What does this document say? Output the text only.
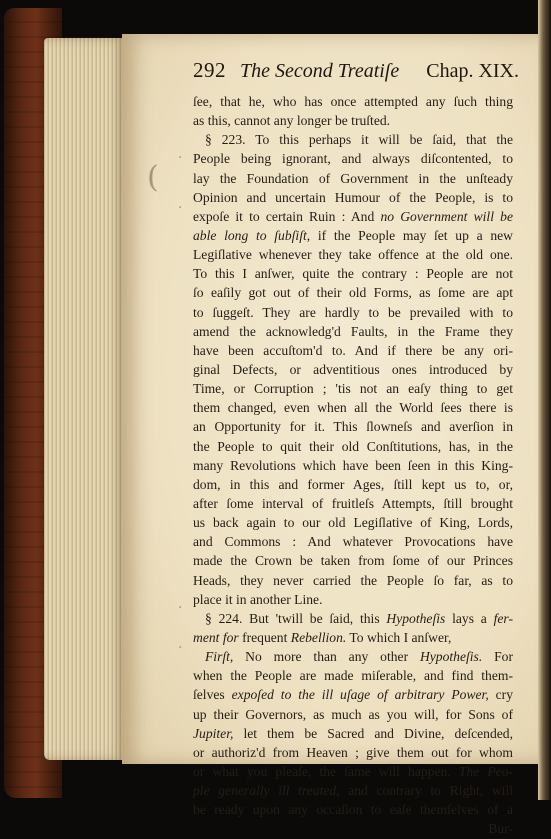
(
·
·
·
·
292 The Second Treatiſe	Chap. XIX.
ſee, that he, who has once attempted any ſuch thing
as this, cannot any longer be truſted.
§ 223. To this perhaps it will be ſaid, that the
People being ignorant, and always diſcontented, to
lay the Foundation of Government in the unſteady
Opinion and uncertain Humour of the People, is to
expoſe it to certain Ruin : And no Government will be
able long to ſubſiſt, if the People may ſet up a new
Legiſlative whenever they take offence at the old one.
To this I anſwer, quite the contrary : People are not
ſo eaſily got out of their old Forms, as ſome are apt
to ſuggeſt. They are hardly to be prevailed with to
amend the acknowledg'd Faults, in the Frame they
have been accuſtom'd to. And if there be any ori-
ginal Defects, or adventitious ones introduced by
Time, or Corruption ; 'tis not an eaſy thing to get
them changed, even when all the World ſees there is
an Opportunity for it. This ſlowneſs and averſion in
the People to quit their old Conſtitutions, has, in the
many Revolutions which have been ſeen in this King-
dom, in this and former Ages, ſtill kept us to, or,
after ſome interval of fruitleſs Attempts, ſtill brought
us back again to our old Legiſlative of King, Lords,
and Commons : And whatever Provocations have
made the Crown be taken from ſome of our Princes
Heads, they never carried the People ſo far, as to
place it in another Line.
§ 224. But 'twill be ſaid, this Hypotheſis lays a fer-
ment for frequent Rebellion. To which I anſwer,
Firſt, No more than any other Hypotheſis. For
when the People are made miſerable, and find them-
ſelves expoſed to the ill uſage of arbitrary Power, cry
up their Governors, as much as you will, for Sons of
Jupiter, let them be Sacred and Divine, deſcended,
or authoriz'd from Heaven ; give them out for whom
or what you pleaſe, the ſame will happen. The Peo-
ple generally ill treated, and contrary to Right, will
be ready upon any occaſion to eaſe themſelves of a
Bur-
